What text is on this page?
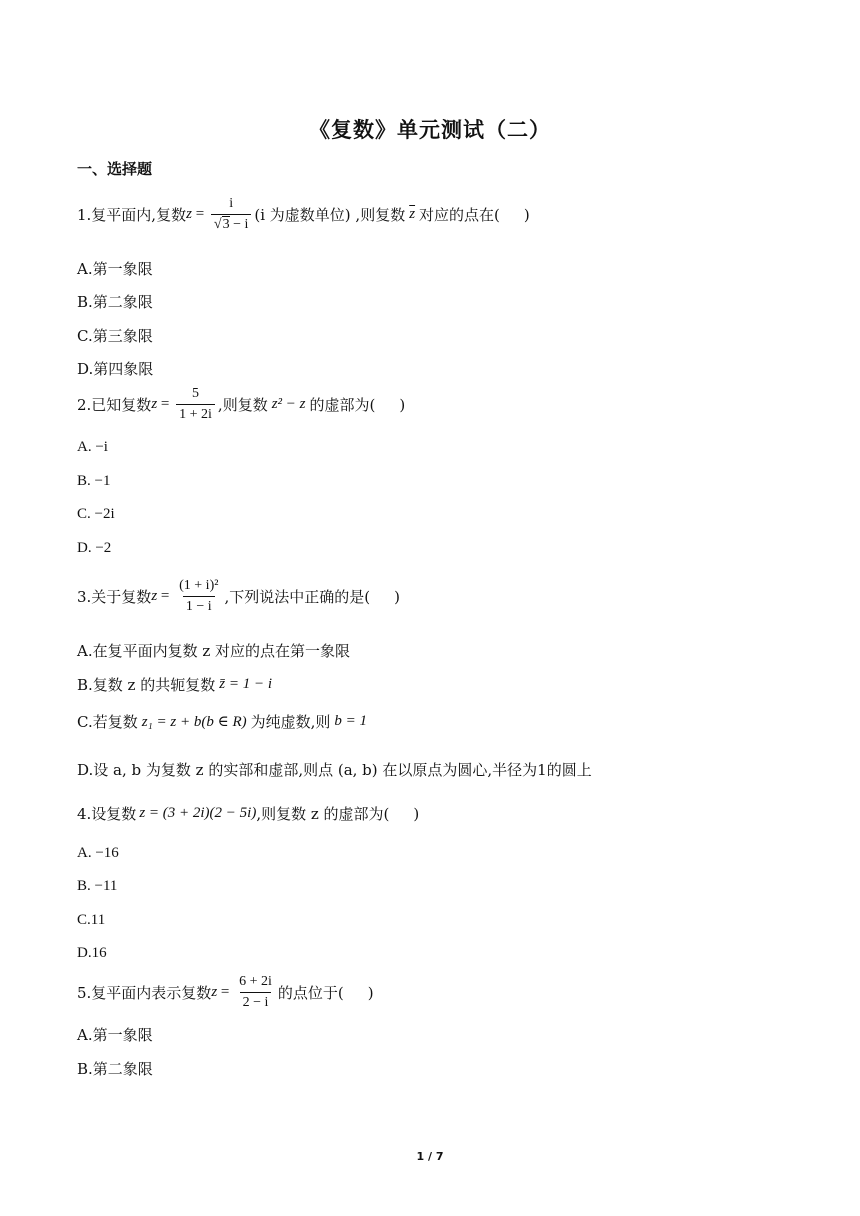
《复数》单元测试（二）
一、选择题
1.复平面内,复数 $z = \frac{i}{√3 - i} (i$ 为虚数单位) ,则复数 $\overline{z}$ 对应的点在( )
A.第一象限
B.第二象限
C.第三象限
D.第四象限
2.已知复数 $z = \frac{5}{1 + 2i}$ ,则复数 z² − z 的虚部为( )
A. −i
B. −1
C. −2i
D. −2
3.关于复数 $z = \frac{\text{(1 + i)²}}{1 - i}$ ,下列说法中正确的是( )
A.在复平面内复数 z 对应的点在第一象限
B.复数 z 的共轭复数 z̄ = 1 − i
C.若复数 z₁ = z + b(b ∈ R) 为纯虚数,则 b = 1
D.设 a, b 为复数 z 的实部和虚部,则点 (a, b) 在以原点为圆心,半径为1的圆上
4.设复数 z = (3 + 2i)(2 − 5i) ,则复数 z 的虚部为( )
A. −16
B. −11
C.11
D.16
5.复平面内表示复数 $z = \frac{6 + 2i}{2 - i}$ 的点位于( )
A.第一象限
B.第二象限
1 / 7
